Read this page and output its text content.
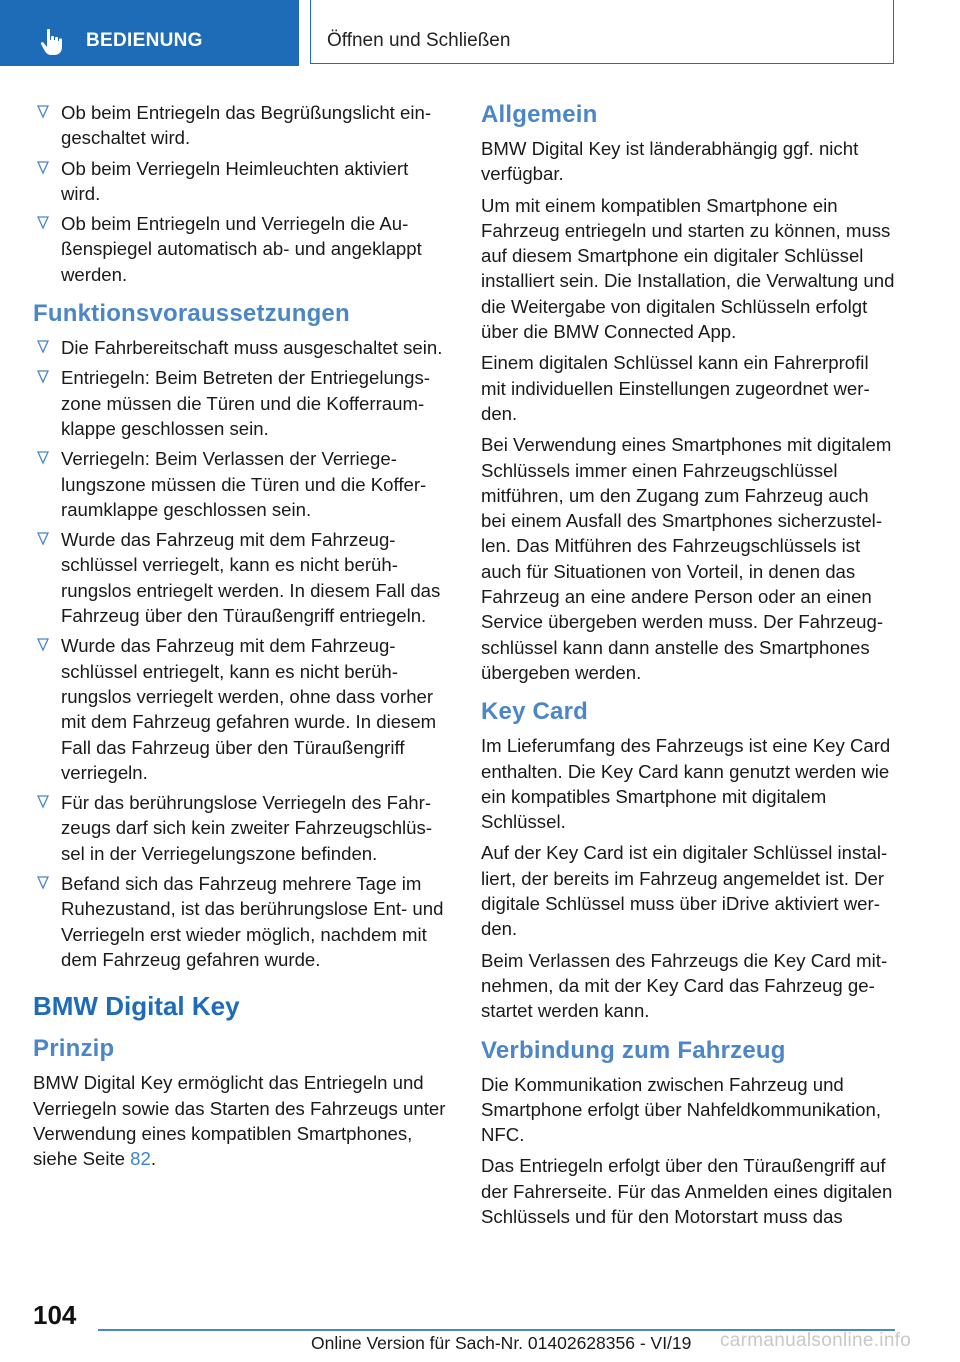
BEDIENUNG	Öffnen und Schließen
Ob beim Entriegeln das Begrüßungslicht eingeschaltet wird.
Ob beim Verriegeln Heimleuchten aktiviert wird.
Ob beim Entriegeln und Verriegeln die Außenspiegel automatisch ab- und angeklappt werden.
Funktionsvoraussetzungen
Die Fahrbereitschaft muss ausgeschaltet sein.
Entriegeln: Beim Betreten der Entriegelungszone müssen die Türen und die Kofferraumklappe geschlossen sein.
Verriegeln: Beim Verlassen der Verriegelungszone müssen die Türen und die Kofferraumklappe geschlossen sein.
Wurde das Fahrzeug mit dem Fahrzeugschlüssel verriegelt, kann es nicht berührungslos entriegelt werden. In diesem Fall das Fahrzeug über den Türaußengriff entriegeln.
Wurde das Fahrzeug mit dem Fahrzeugschlüssel entriegelt, kann es nicht berührungslos verriegelt werden, ohne dass vorher mit dem Fahrzeug gefahren wurde. In diesem Fall das Fahrzeug über den Türaußengriff verriegeln.
Für das berührungslose Verriegeln des Fahrzeugs darf sich kein zweiter Fahrzeugschlüssel in der Verriegelungszone befinden.
Befand sich das Fahrzeug mehrere Tage im Ruhezustand, ist das berührungslose Ent- und Verriegeln erst wieder möglich, nachdem mit dem Fahrzeug gefahren wurde.
BMW Digital Key
Prinzip

BMW Digital Key ermöglicht das Entriegeln und Verriegeln sowie das Starten des Fahrzeugs unter Verwendung eines kompatiblen Smartphones, siehe Seite 82.

Allgemein

BMW Digital Key ist länderabhängig ggf. nicht verfügbar.

Um mit einem kompatiblen Smartphone ein Fahrzeug entriegeln und starten zu können, muss auf diesem Smartphone ein digitaler Schlüssel installiert sein. Die Installation, die Verwaltung und die Weitergabe von digitalen Schlüsseln erfolgt über die BMW Connected App.

Einem digitalen Schlüssel kann ein Fahrerprofil mit individuellen Einstellungen zugeordnet werden.

Bei Verwendung eines Smartphones mit digitalem Schlüssels immer einen Fahrzeugschlüssel mitführen, um den Zugang zum Fahrzeug auch bei einem Ausfall des Smartphones sicherzustellen. Das Mitführen des Fahrzeugschlüssels ist auch für Situationen von Vorteil, in denen das Fahrzeug an eine andere Person oder an einen Service übergeben werden muss. Der Fahrzeugschlüssel kann dann anstelle des Smartphones übergeben werden.

Key Card

Im Lieferumfang des Fahrzeugs ist eine Key Card enthalten. Die Key Card kann genutzt werden wie ein kompatibles Smartphone mit digitalem Schlüssel.

Auf der Key Card ist ein digitaler Schlüssel installiert, der bereits im Fahrzeug angemeldet ist. Der digitale Schlüssel muss über iDrive aktiviert werden.

Beim Verlassen des Fahrzeugs die Key Card mitnehmen, da mit der Key Card das Fahrzeug gestartet werden kann.

Verbindung zum Fahrzeug

Die Kommunikation zwischen Fahrzeug und Smartphone erfolgt über Nahfeldkommunikation, NFC.

Das Entriegeln erfolgt über den Türaußengriff auf der Fahrerseite. Für das Anmelden eines digitalen Schlüssels und für den Motorstart muss das

104
Online Version für Sach-Nr. 01402628356 - VI/19 carmanualsonline.info
